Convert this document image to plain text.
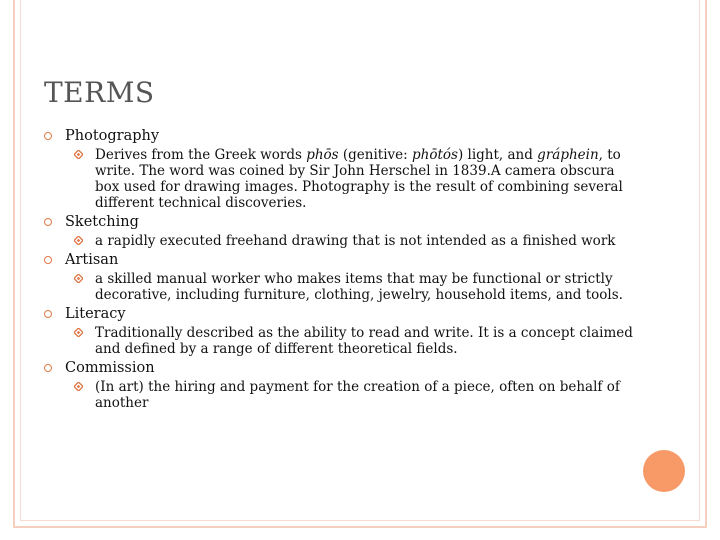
TERMS
Photography
Derives from the Greek words phōs (genitive: phōtós) light, and gráphein, to write. The word was coined by Sir John Herschel in 1839.A camera obscura box used for drawing images. Photography is the result of combining several different technical discoveries.
Sketching
a rapidly executed freehand drawing that is not intended as a finished work
Artisan
a skilled manual worker who makes items that may be functional or strictly decorative, including furniture, clothing, jewelry, household items, and tools.
Literacy
Traditionally described as the ability to read and write. It is a concept claimed and defined by a range of different theoretical fields.
Commission
(In art) the hiring and payment for the creation of a piece, often on behalf of another
